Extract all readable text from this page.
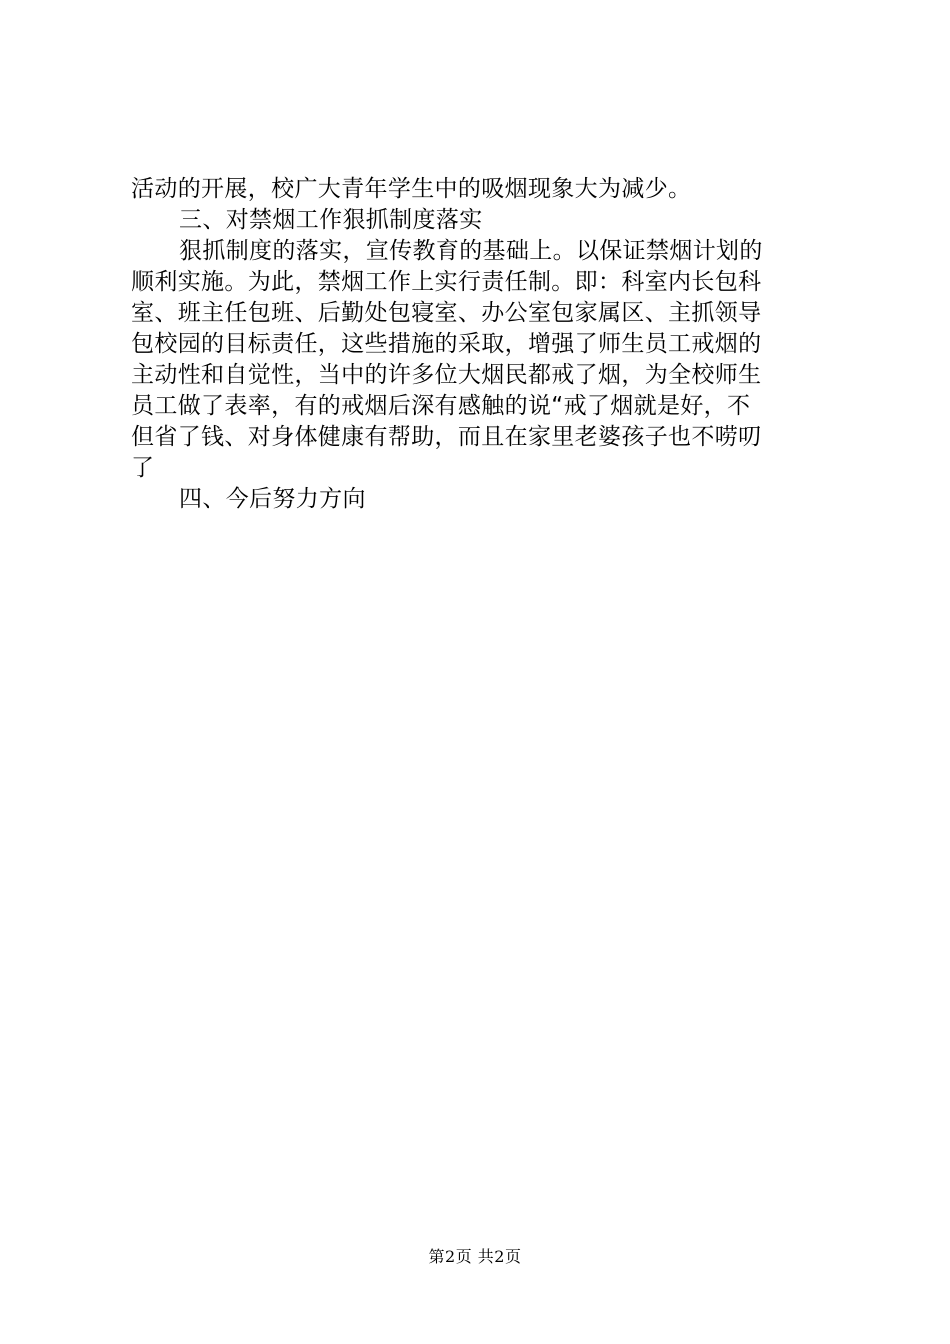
活动的开展，校广大青年学生中的吸烟现象大为减少。
三、对禁烟工作狠抓制度落实
狠抓制度的落实，宣传教育的基础上。以保证禁烟计划的
顺利实施。为此，禁烟工作上实行责任制。即：科室内长包科
室、班主任包班、后勤处包寝室、办公室包家属区、主抓领导
包校园的目标责任，这些措施的采取，增强了师生员工戒烟的
主动性和自觉性，当中的许多位大烟民都戒了烟，为全校师生
员工做了表率，有的戒烟后深有感触的说“戒了烟就是好，不
但省了钱、对身体健康有帮助，而且在家里老婆孩子也不唠叨
了
四、今后努力方向
第2页 共2页
